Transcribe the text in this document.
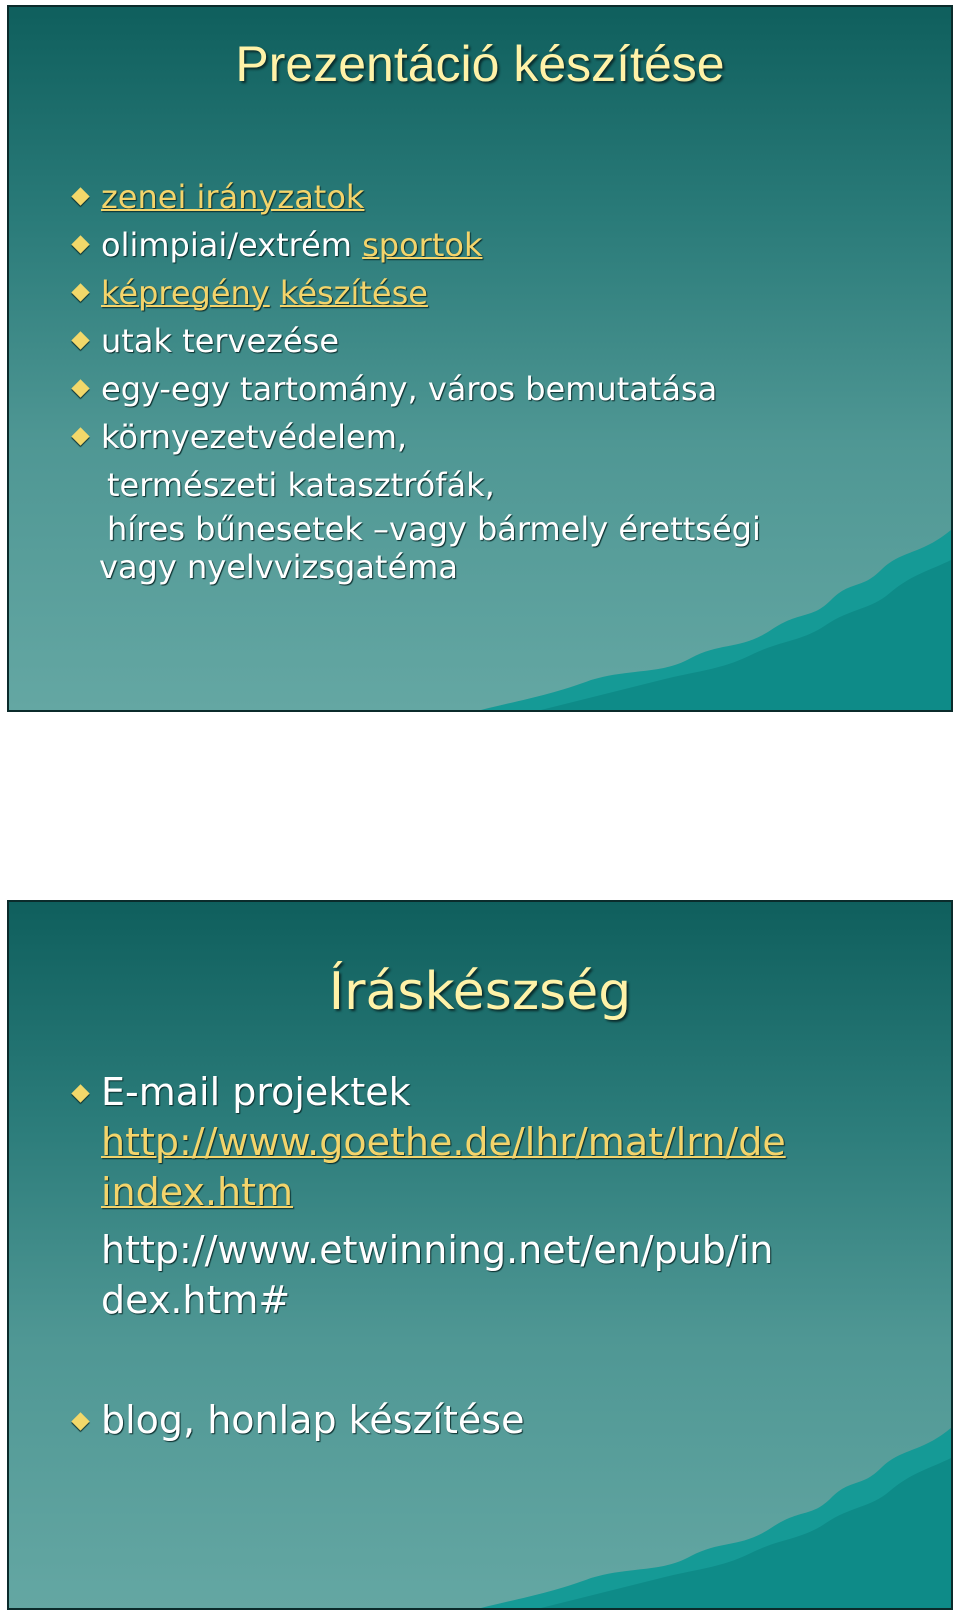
Prezentáció készítése
zenei irányzatok
olimpiai/extrém sportok
képregény készítése
utak tervezése
egy-egy tartomány, város bemutatása
környezetvédelem,
természeti katasztrófák,
híres bűnesetek –vagy bármely érettségi
vagy nyelvvizsgatéma
Íráskészség
E-mail projektek
http://www.goethe.de/lhr/mat/lrn/de
index.htm
http://www.etwinning.net/en/pub/in
dex.htm#
blog, honlap készítése
